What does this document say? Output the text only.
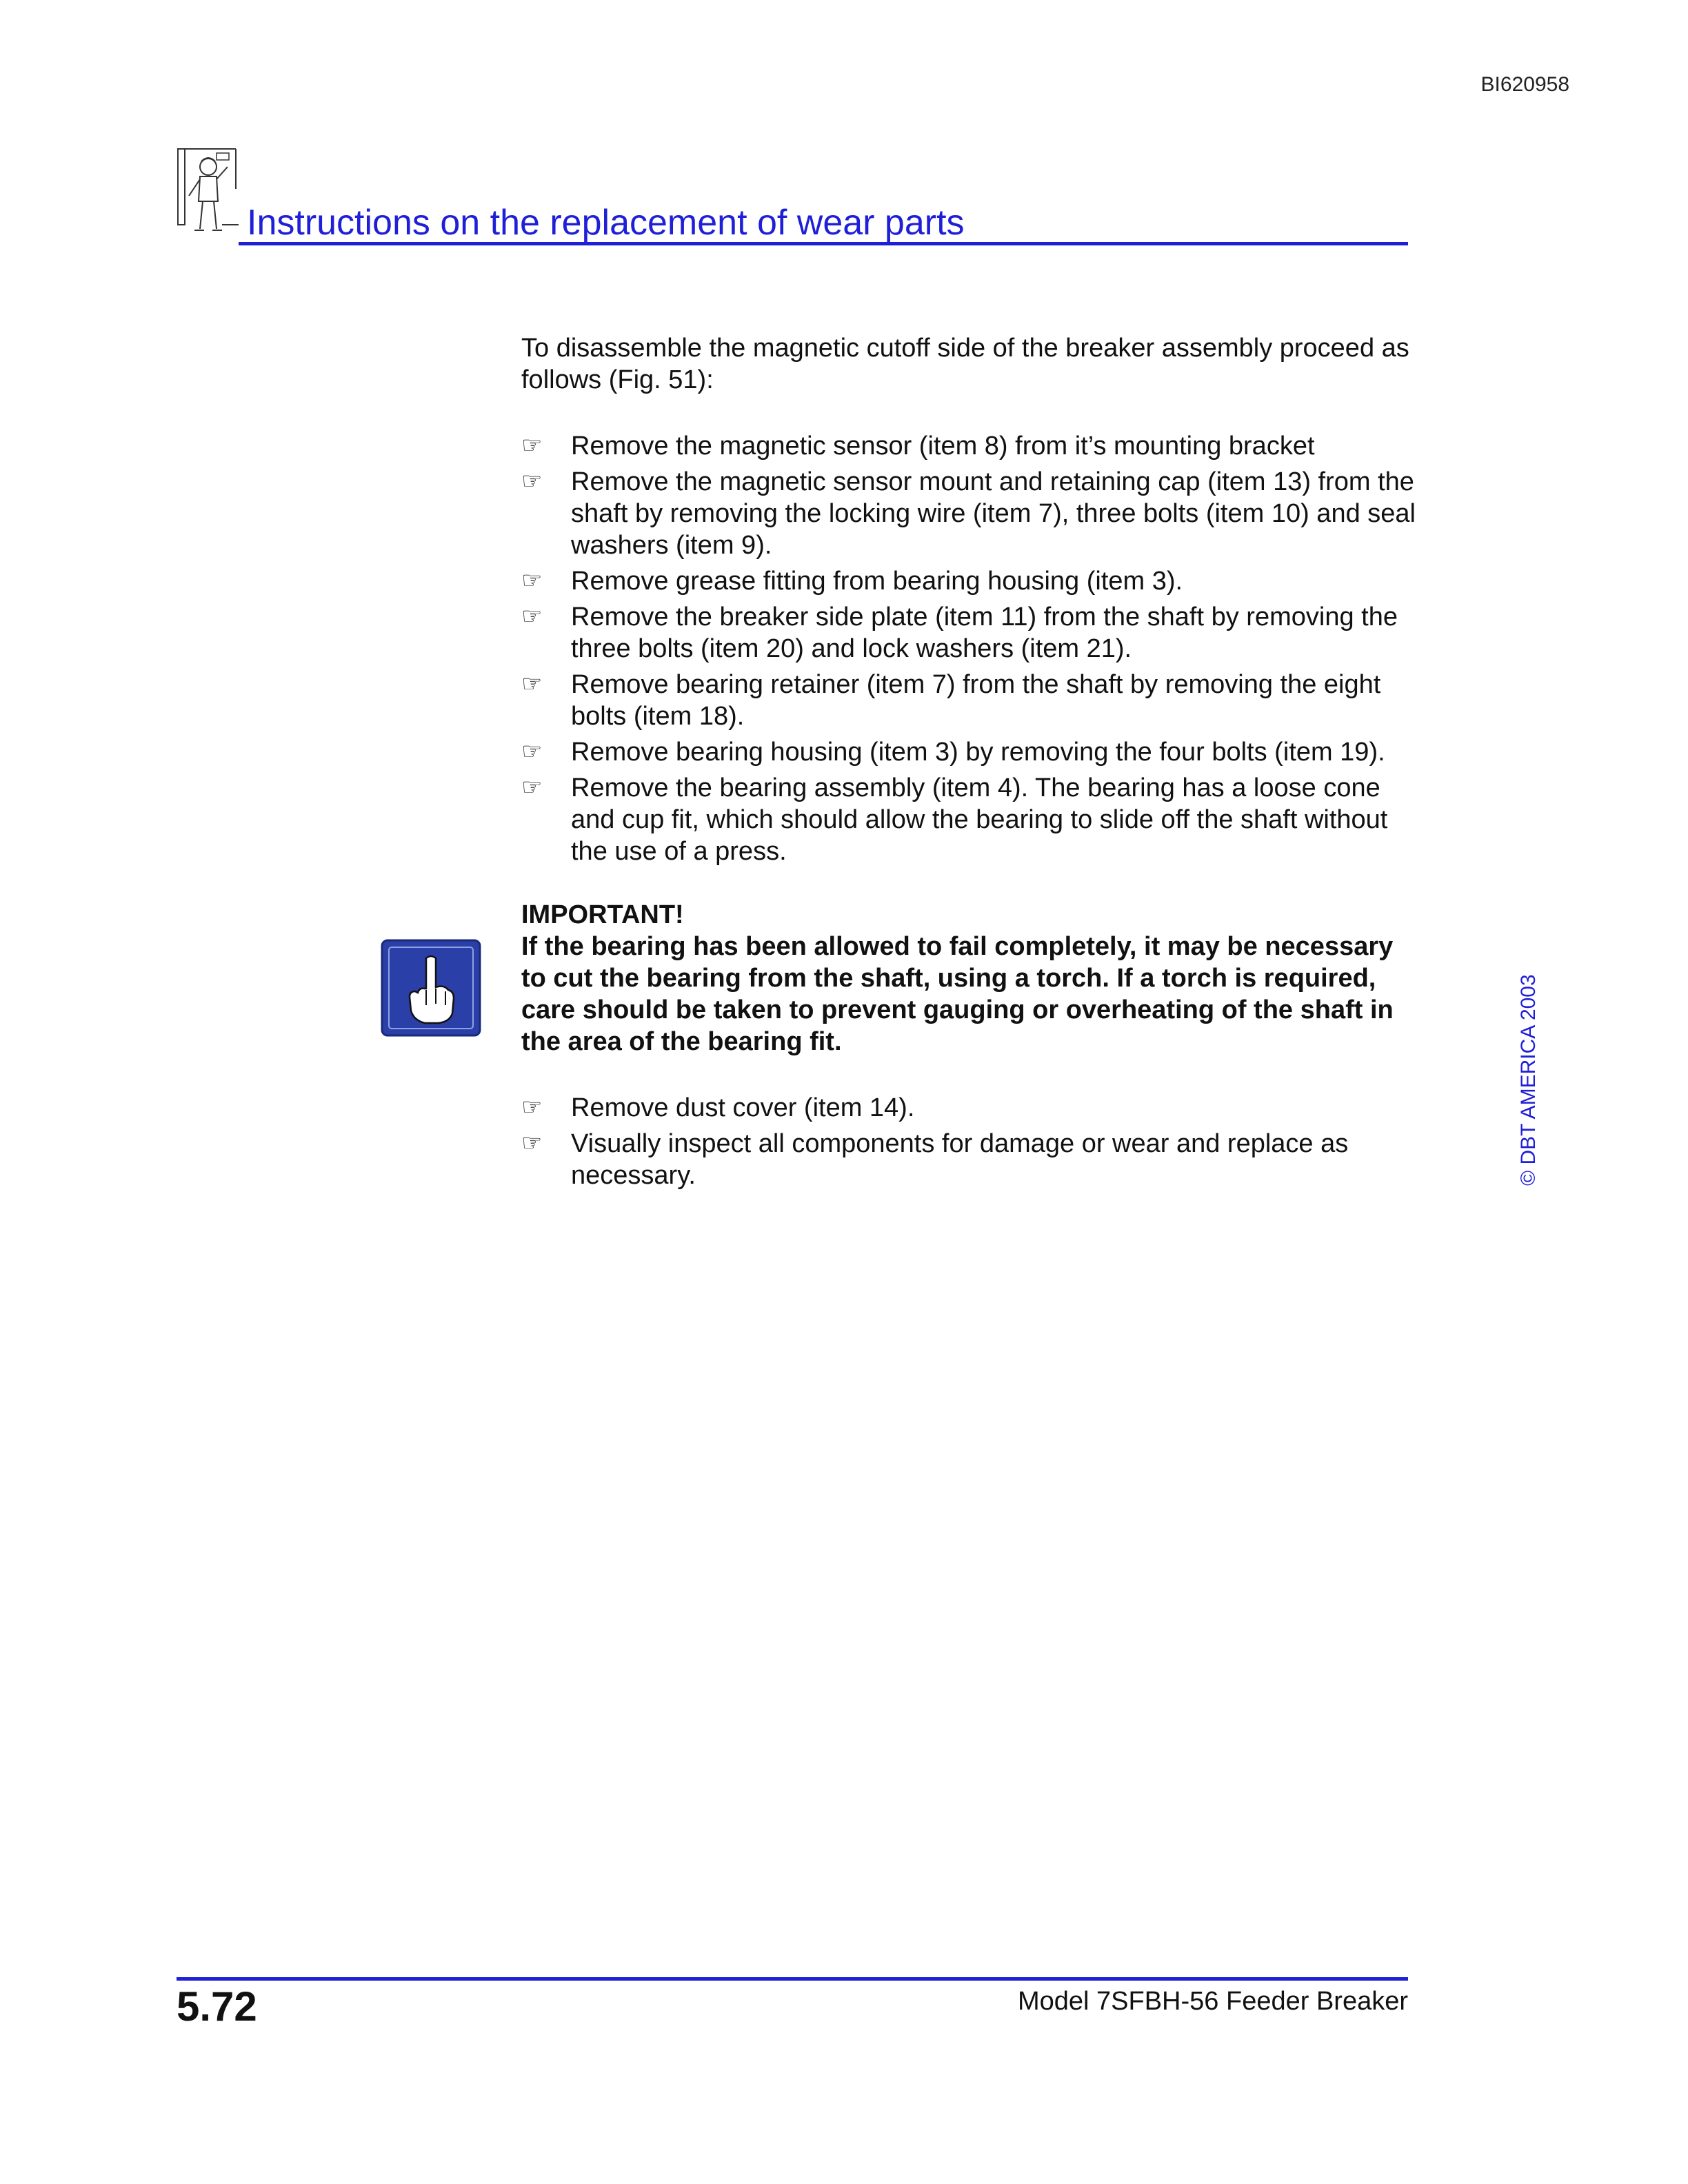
BI620958
Instructions on the replacement of wear parts

To disassemble the magnetic cutoff side of the breaker assembly proceed as follows (Fig. 51):

☞ Remove the magnetic sensor (item 8) from it’s mounting bracket
☞ Remove the magnetic sensor mount and retaining cap (item 13) from the shaft by removing the locking wire (item 7), three bolts (item 10) and seal washers (item 9).
☞ Remove grease fitting from bearing housing (item 3).
☞ Remove the breaker side plate (item 11) from the shaft by removing the three bolts (item 20) and lock washers (item 21).
☞ Remove bearing retainer (item 7) from the shaft by removing the eight bolts (item 18).
☞ Remove bearing housing (item 3) by removing the four bolts (item 19).
☞ Remove the bearing assembly (item 4). The bearing has a loose cone and cup fit, which should allow the bearing to slide off the shaft without the use of a press.
IMPORTANT!
If the bearing has been allowed to fail completely, it may be necessary to cut the bearing from the shaft, using a torch. If a torch is required, care should be taken to prevent gauging or overheating of the shaft in the area of the bearing fit.
☞ Remove dust cover (item 14).
☞ Visually inspect all components for damage or wear and replace as necessary.	© DBT AMERICA 2003
5.72	Model 7SFBH-56 Feeder Breaker
